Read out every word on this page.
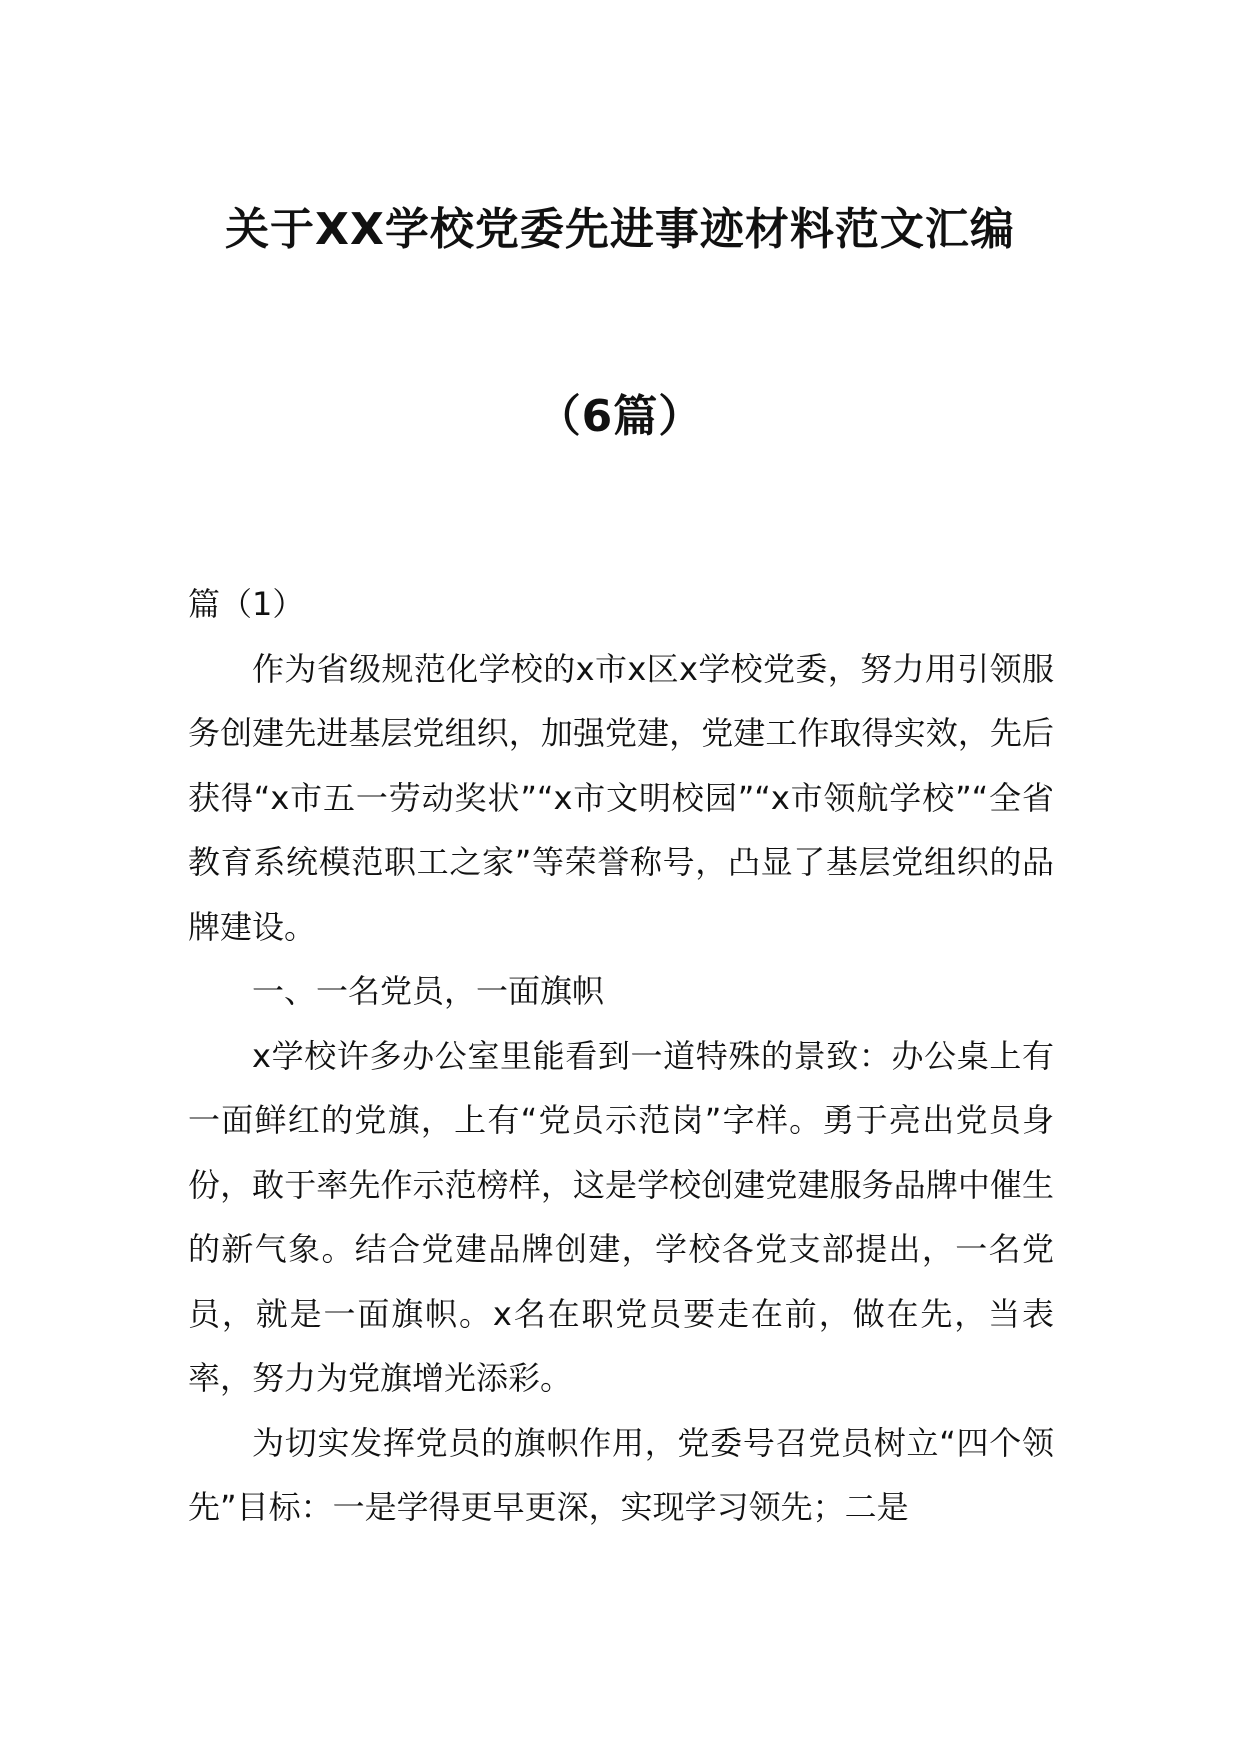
关于XX学校党委先进事迹材料范文汇编
（6篇）

篇（1）

作为省级规范化学校的x市x区x学校党委，努力用引领服务创建先进基层党组织，加强党建，党建工作取得实效，先后获得“x市五一劳动奖状”“x市文明校园”“x市领航学校”“全省教育系统模范职工之家”等荣誉称号，凸显了基层党组织的品牌建设。

一、一名党员，一面旗帜

x学校许多办公室里能看到一道特殊的景致：办公桌上有一面鲜红的党旗，上有“党员示范岗”字样。勇于亮出党员身份，敢于率先作示范榜样，这是学校创建党建服务品牌中催生的新气象。结合党建品牌创建，学校各党支部提出，一名党员，就是一面旗帜。x名在职党员要走在前，做在先，当表率，努力为党旗增光添彩。

为切实发挥党员的旗帜作用，党委号召党员树立“四个领先”目标：一是学得更早更深，实现学习领先；二是
